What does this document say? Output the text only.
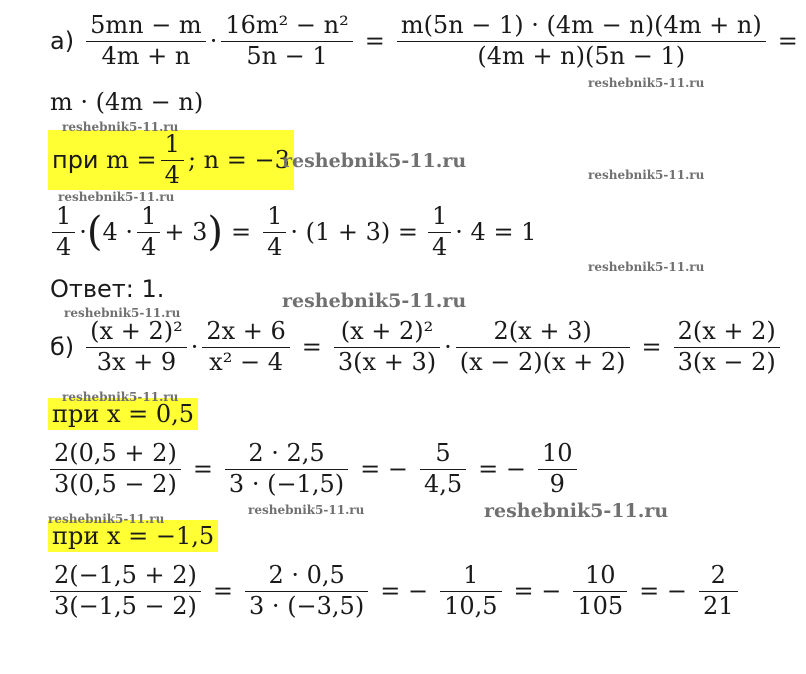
$а) \frac{5mn - m}{4m + n} \cdot \frac{\text{16m² − n²}}{5n - 1} = \frac{m(5n - 1) \cdot (4m - n)(4m + n)}{(4m + n)(5n - 1)}$ =
m · (4m − n)
при $m = \frac{1}{4}$ ; n = −3
$\frac{1}{4}$ · ( $4 \cdot \frac{1}{4} + 3$ ) = $\frac{1}{4} \cdot (1 + 3) = \frac{1}{4} \cdot 4 = 1$
Ответ: 1.
$б) \frac{\text{(x + 2)²}}{3x + 9} \cdot \frac{2x + 6}{\text{x² − 4}} = \frac{\text{(x + 2)²}}{3(x + 3)} \cdot \frac{2(x + 3)}{(x - 2)(x + 2)} = \frac{2(x + 2)}{3(x - 2)}$
при x = 0,5
$\frac{2(0,5 + 2)}{3(0,5 - 2)} = \frac{2 \cdot 2,5}{3 \cdot (-1,5)}$ = − $\frac{5}{4,5}$ = − $\frac{10}{9}$
при x = −1,5
$\frac{2(-1,5 + 2)}{3(-1,5 - 2)} = \frac{2 \cdot 0,5}{3 \cdot (-3,5)}$ = − $\frac{1}{10,5}$ = − $\frac{10}{105}$ = − $\frac{2}{21}$
reshebnik5-11.ru
reshebnik5-11.ru
reshebnik5-11.ru
reshebnik5-11.ru
reshebnik5-11.ru
reshebnik5-11.ru
reshebnik5-11.ru
reshebnik5-11.ru
reshebnik5-11.ru
reshebnik5-11.ru	reshebnik5-11.ru
reshebnik5-11.ru
